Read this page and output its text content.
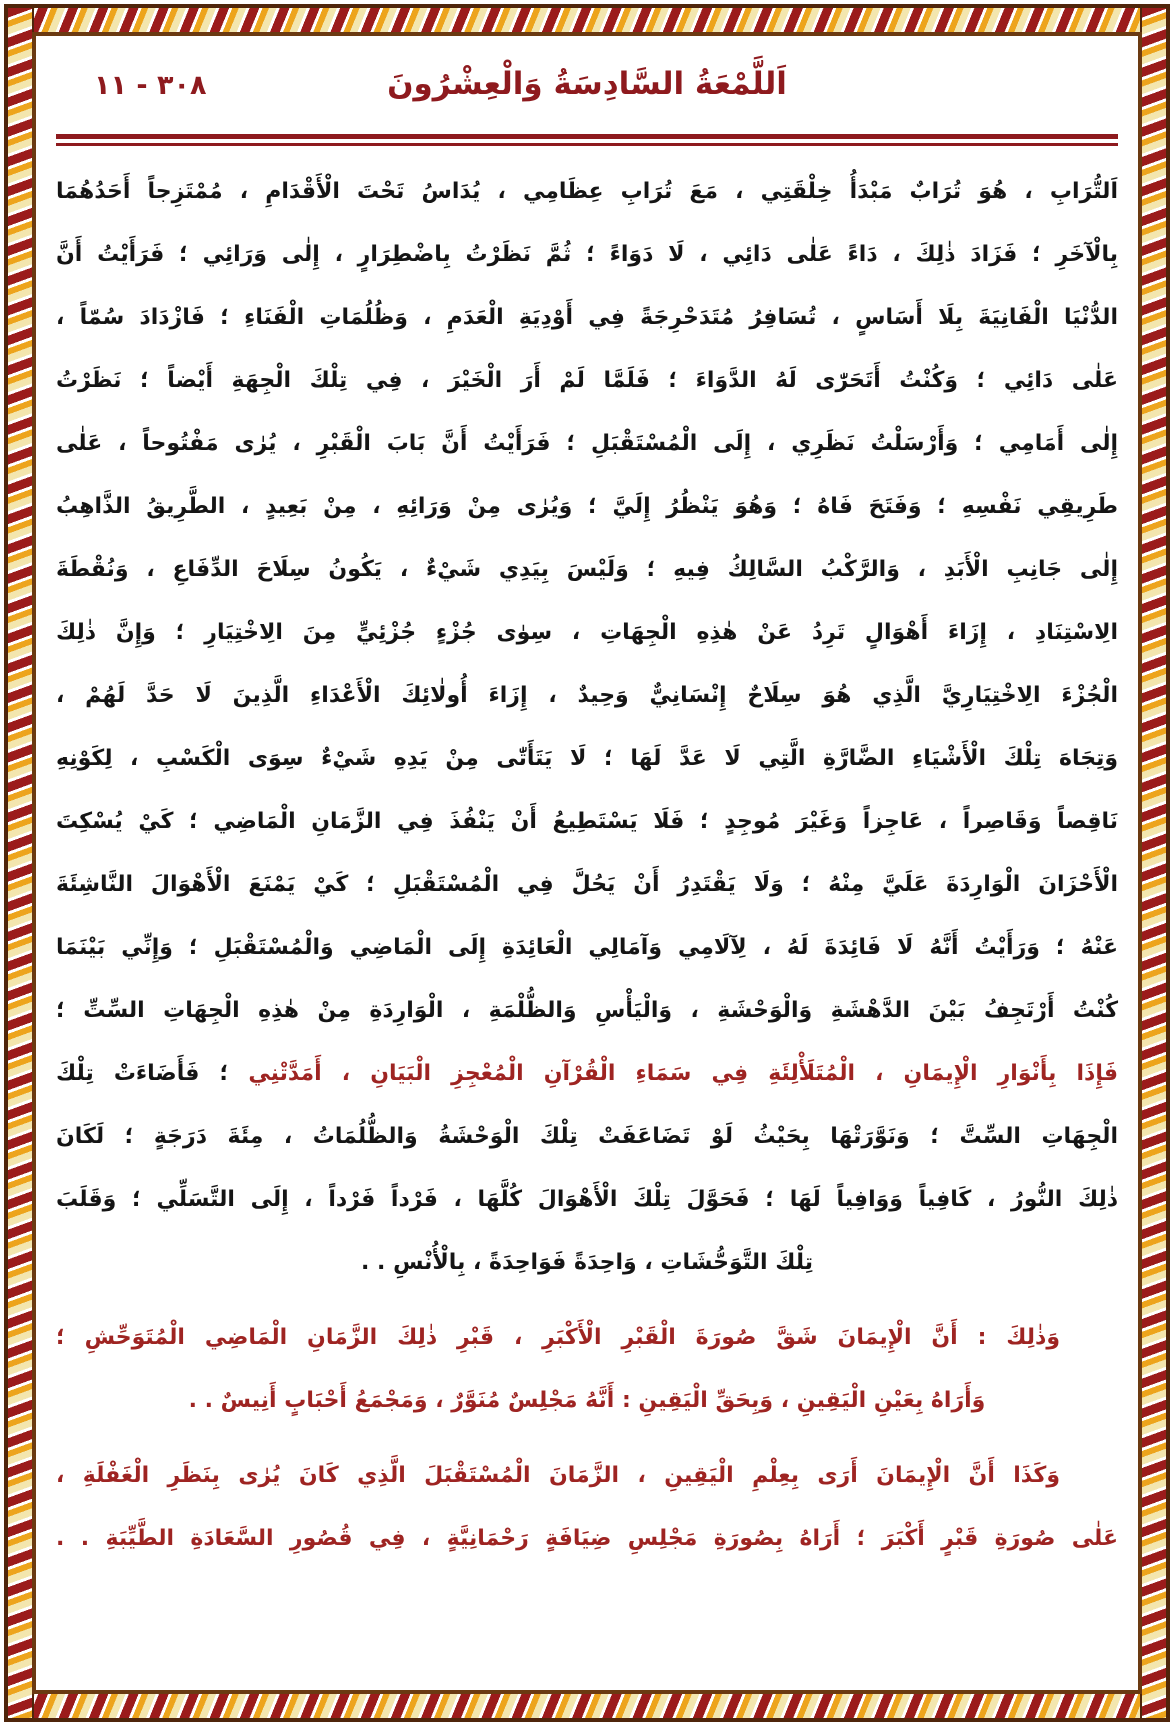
٣٠٨ - ١١	اَللَّمْعَةُ السَّادِسَةُ وَالْعِشْرُونَ
اَلتُّرَابِ ، هُوَ تُرَابٌ مَبْدَأُ خِلْقَتِي ، مَعَ تُرَابِ عِظَامِي ، يُدَاسُ تَحْتَ الْأَقْدَامِ ، مُمْتَزِجاً أَحَدُهُمَا
بِالْآخَرِ ؛ فَزَادَ ذٰلِكَ ، دَاءً عَلٰى دَائِي ، لَا دَوَاءً ؛ ثُمَّ نَظَرْتُ بِاضْطِرَارٍ ، إِلٰى وَرَائِي ؛ فَرَأَيْتُ أَنَّ
الدُّنْيَا الْفَانِيَةَ بِلَا أَسَاسٍ ، تُسَافِرُ مُتَدَحْرِجَةً فِي أَوْدِيَةِ الْعَدَمِ ، وَظُلُمَاتِ الْفَنَاءِ ؛ فَازْدَادَ سُمّاً ،
عَلٰى دَائِي ؛ وَكُنْتُ أَتَحَرّٰى لَهُ الدَّوَاءَ ؛ فَلَمَّا لَمْ أَرَ الْخَيْرَ ، فِي تِلْكَ الْجِهَةِ أَيْضاً ؛ نَظَرْتُ
إِلٰى أَمَامِي ؛ وَأَرْسَلْتُ نَظَرِي ، إِلَى الْمُسْتَقْبَلِ ؛ فَرَأَيْتُ أَنَّ بَابَ الْقَبْرِ ، يُرٰى مَفْتُوحاً ، عَلٰى
طَرِيقِي نَفْسِهِ ؛ وَفَتَحَ فَاهُ ؛ وَهُوَ يَنْظُرُ إِلَيَّ ؛ وَيُرٰى مِنْ وَرَائِهِ ، مِنْ بَعِيدٍ ، الطَّرِيقُ الذَّاهِبُ
إِلٰى جَانِبِ الْأَبَدِ ، وَالرَّكْبُ السَّالِكُ فِيهِ ؛ وَلَيْسَ بِيَدِي شَيْءٌ ، يَكُونُ سِلَاحَ الدِّفَاعِ ، وَنُقْطَةَ
الِاسْتِنَادِ ، إِزَاءَ أَهْوَالٍ تَرِدُ عَنْ هٰذِهِ الْجِهَاتِ ، سِوٰى جُزْءٍ جُزْئِيٍّ مِنَ الِاخْتِيَارِ ؛ وَإِنَّ ذٰلِكَ
الْجُزْءَ الِاخْتِيَارِيَّ الَّذِي هُوَ سِلَاحٌ إِنْسَانِيٌّ وَحِيدٌ ، إِزَاءَ أُولٰائِكَ الْأَعْدَاءِ الَّذِينَ لَا حَدَّ لَهُمْ ،
وَتِجَاهَ تِلْكَ الْأَشْيَاءِ الضَّارَّةِ الَّتِي لَا عَدَّ لَهَا ؛ لَا يَتَأَتّٰى مِنْ يَدِهِ شَيْءٌ سِوَى الْكَسْبِ ، لِكَوْنِهِ
نَاقِصاً وَقَاصِراً ، عَاجِزاً وَغَيْرَ مُوجِدٍ ؛ فَلَا يَسْتَطِيعُ أَنْ يَنْفُذَ فِي الزَّمَانِ الْمَاضِي ؛ كَيْ يُسْكِتَ
الْأَحْزَانَ الْوَارِدَةَ عَلَيَّ مِنْهُ ؛ وَلَا يَقْتَدِرُ أَنْ يَحُلَّ فِي الْمُسْتَقْبَلِ ؛ كَيْ يَمْنَعَ الْأَهْوَالَ النَّاشِئَةَ
عَنْهُ ؛ وَرَأَيْتُ أَنَّهُ لَا فَائِدَةَ لَهُ ، لِآلَامِي وَآمَالِي الْعَائِدَةِ إِلَى الْمَاضِي وَالْمُسْتَقْبَلِ ؛ وَإِنِّي بَيْنَمَا
كُنْتُ أَرْتَجِفُ بَيْنَ الدَّهْشَةِ وَالْوَحْشَةِ ، وَالْيَأْسِ وَالظُّلْمَةِ ، الْوَارِدَةِ مِنْ هٰذِهِ الْجِهَاتِ السِّتِّ ؛
فَإِذَا بِأَنْوَارِ الْإِيمَانِ ، الْمُتَلَأْلِئَةِ فِي سَمَاءِ الْقُرْآنِ الْمُعْجِزِ الْبَيَانِ ، أَمَدَّتْنِي ؛ فَأَضَاءَتْ تِلْكَ
الْجِهَاتِ السِّتَّ ؛ وَنَوَّرَتْهَا بِحَيْثُ لَوْ تَضَاعَفَتْ تِلْكَ الْوَحْشَةُ وَالظُّلُمَاتُ ، مِئَةَ دَرَجَةٍ ؛ لَكَانَ
ذٰلِكَ النُّورُ ، كَافِياً وَوَافِياً لَهَا ؛ فَحَوَّلَ تِلْكَ الْأَهْوَالَ كُلَّهَا ، فَرْداً فَرْداً ، إِلَى التَّسَلِّي ؛ وَقَلَبَ
تِلْكَ التَّوَحُّشَاتِ ، وَاحِدَةً فَوَاحِدَةً ، بِالْأُنْسِ . .
وَذٰلِكَ : أَنَّ الْإِيمَانَ شَقَّ صُورَةَ الْقَبْرِ الْأَكْبَرِ ، قَبْرِ ذٰلِكَ الزَّمَانِ الْمَاضِي الْمُتَوَحِّشِ ؛
وَأَرَاهُ بِعَيْنِ الْيَقِينِ ، وَبِحَقِّ الْيَقِينِ : أَنَّهُ مَجْلِسٌ مُنَوَّرٌ ، وَمَجْمَعُ أَحْبَابٍ أَنِيسٌ . .
وَكَذَا أَنَّ الْإِيمَانَ أَرَى بِعِلْمِ الْيَقِينِ ، الزَّمَانَ الْمُسْتَقْبَلَ الَّذِي كَانَ يُرٰى بِنَظَرِ الْغَفْلَةِ ،
عَلٰى صُورَةِ قَبْرٍ أَكْبَرَ ؛ أَرَاهُ بِصُورَةِ مَجْلِسِ ضِيَافَةٍ رَحْمَانِيَّةٍ ، فِي قُصُورِ السَّعَادَةِ الطَّيِّبَةِ . .
